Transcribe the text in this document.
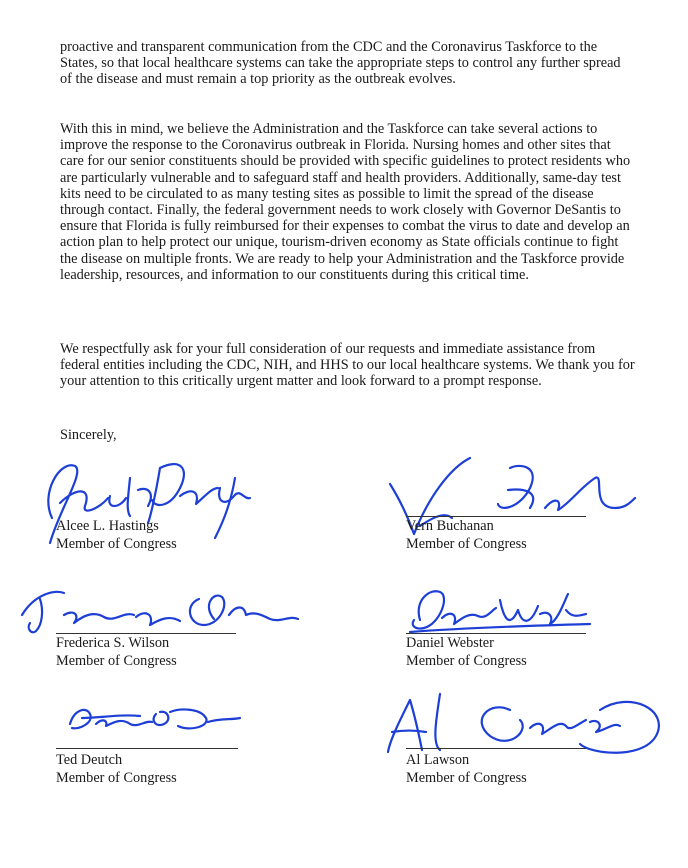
proactive and transparent communication from the CDC and the Coronavirus Taskforce to the States, so that local healthcare systems can take the appropriate steps to control any further spread of the disease and must remain a top priority as the outbreak evolves.

With this in mind, we believe the Administration and the Taskforce can take several actions to improve the response to the Coronavirus outbreak in Florida. Nursing homes and other sites that care for our senior constituents should be provided with specific guidelines to protect residents who are particularly vulnerable and to safeguard staff and health providers. Additionally, same-day test kits need to be circulated to as many testing sites as possible to limit the spread of the disease through contact. Finally, the federal government needs to work closely with Governor DeSantis to ensure that Florida is fully reimbursed for their expenses to combat the virus to date and develop an action plan to help protect our unique, tourism-driven economy as State officials continue to fight the disease on multiple fronts. We are ready to help your Administration and the Taskforce provide leadership, resources, and information to our constituents during this critical time.

We respectfully ask for your full consideration of our requests and immediate assistance from federal entities including the CDC, NIH, and HHS to our local healthcare systems. We thank you for your attention to this critically urgent matter and look forward to a prompt response.

Sincerely,

Alcee L. Hastings
Member of Congress
Vern Buchanan
Member of Congress
Frederica S. Wilson
Member of Congress
Daniel Webster
Member of Congress
Ted Deutch
Member of Congress
Al Lawson
Member of Congress
